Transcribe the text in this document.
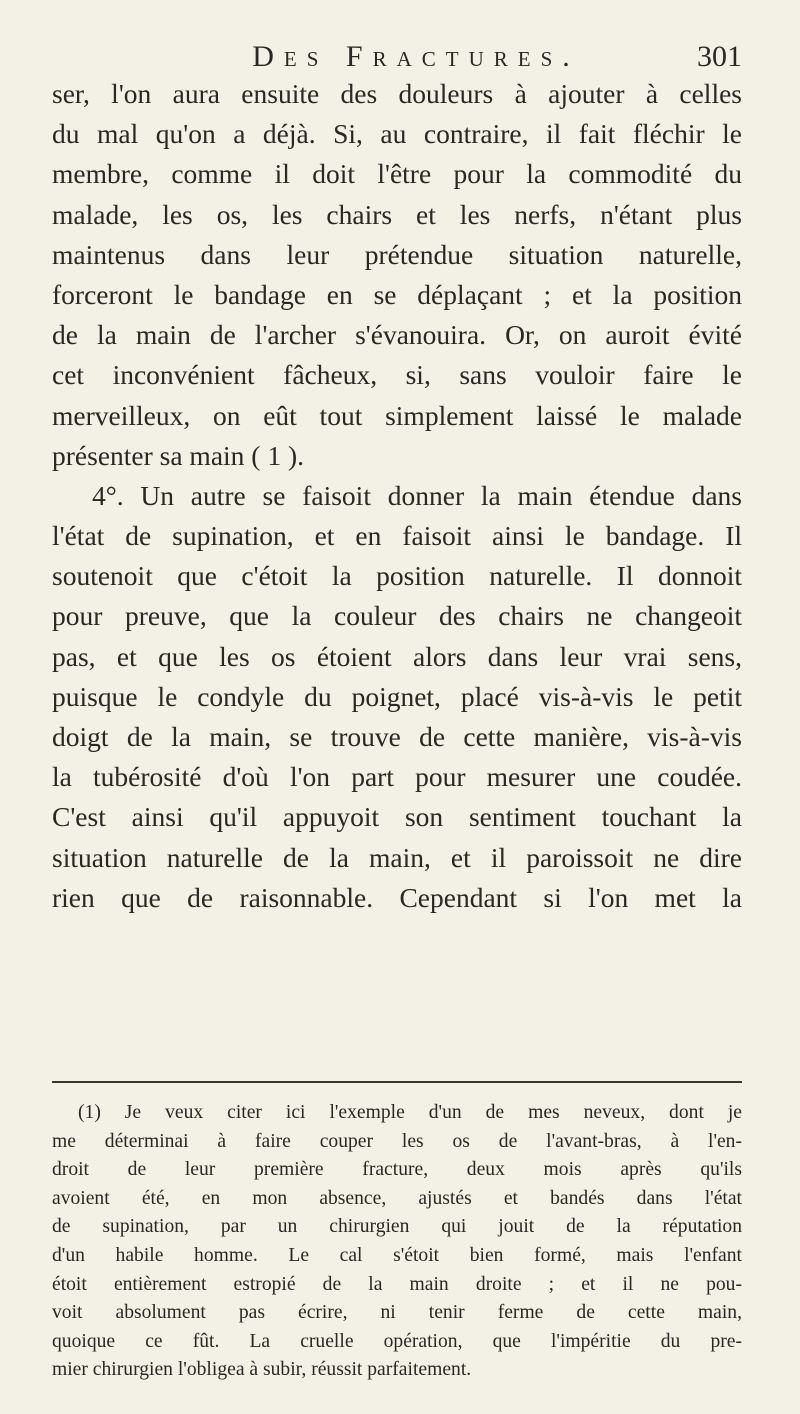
Des Fractures.	301
ser, l'on aura ensuite des douleurs à ajouter à celles
du mal qu'on a déjà. Si, au contraire, il fait fléchir le
membre, comme il doit l'être pour la commodité du
malade, les os, les chairs et les nerfs, n'étant plus
maintenus dans leur prétendue situation naturelle,
forceront le bandage en se déplaçant ; et la position
de la main de l'archer s'évanouira. Or, on auroit évité
cet inconvénient fâcheux, si, sans vouloir faire le
merveilleux, on eût tout simplement laissé le malade
présenter sa main ( 1 ).
4°. Un autre se faisoit donner la main étendue dans
l'état de supination, et en faisoit ainsi le bandage. Il
soutenoit que c'étoit la position naturelle. Il donnoit
pour preuve, que la couleur des chairs ne changeoit
pas, et que les os étoient alors dans leur vrai sens,
puisque le condyle du poignet, placé vis-à-vis le petit
doigt de la main, se trouve de cette manière, vis-à-vis
la tubérosité d'où l'on part pour mesurer une coudée.
C'est ainsi qu'il appuyoit son sentiment touchant la
situation naturelle de la main, et il paroissoit ne dire
rien que de raisonnable. Cependant si l'on met la
(1) Je veux citer ici l'exemple d'un de mes neveux, dont je
me déterminai à faire couper les os de l'avant-bras, à l'en-
droit de leur première fracture, deux mois après qu'ils
avoient été, en mon absence, ajustés et bandés dans l'état
de supination, par un chirurgien qui jouit de la réputation
d'un habile homme. Le cal s'étoit bien formé, mais l'enfant
étoit entièrement estropié de la main droite ; et il ne pou-
voit absolument pas écrire, ni tenir ferme de cette main,
quoique ce fût. La cruelle opération, que l'impéritie du pre-
mier chirurgien l'obligea à subir, réussit parfaitement.
